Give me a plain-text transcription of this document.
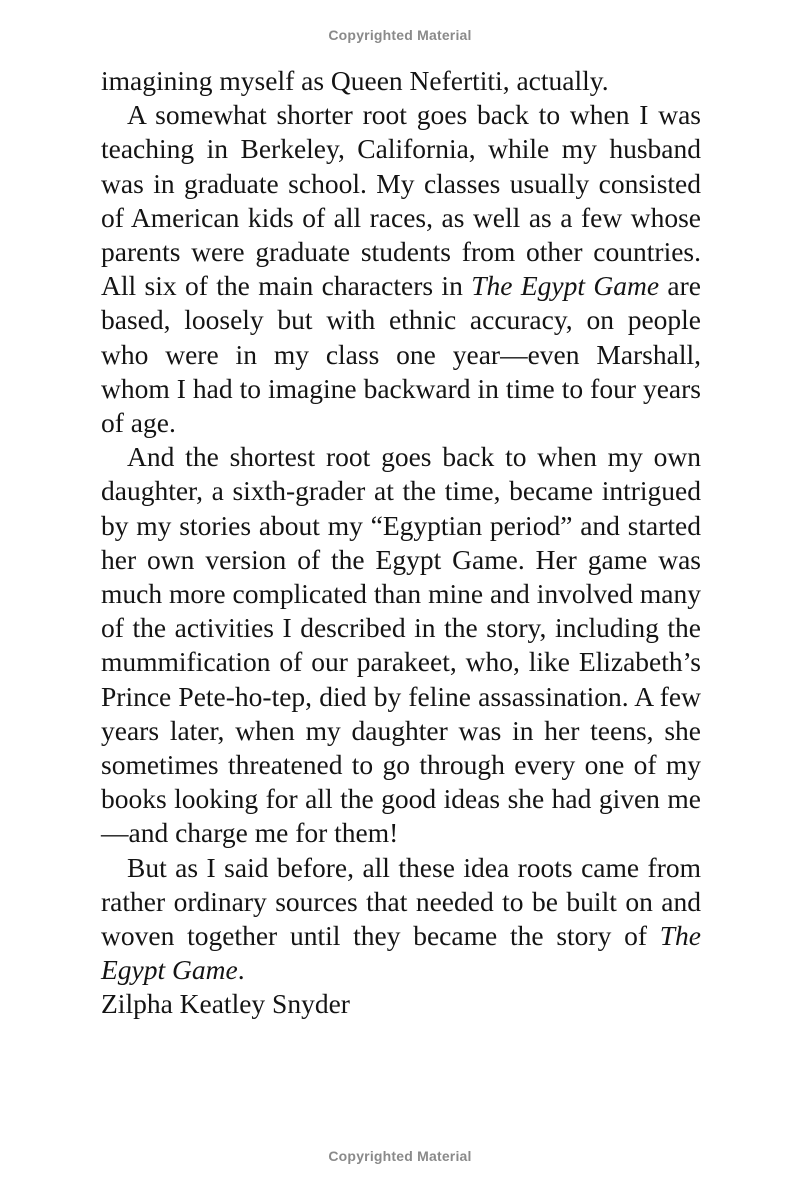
Copyrighted Material

imagining myself as Queen Nefertiti, actually.

A somewhat shorter root goes back to when I was teaching in Berkeley, California, while my husband was in graduate school. My classes usually consisted of American kids of all races, as well as a few whose parents were graduate students from other countries. All six of the main characters in The Egypt Game are based, loosely but with ethnic accuracy, on people who were in my class one year—even Marshall, whom I had to imagine backward in time to four years of age.

And the shortest root goes back to when my own daughter, a sixth-grader at the time, became intrigued by my stories about my “Egyptian period” and started her own version of the Egypt Game. Her game was much more complicated than mine and involved many of the activities I described in the story, including the mummification of our parakeet, who, like Elizabeth’s Prince Pete-ho-tep, died by feline assassination. A few years later, when my daughter was in her teens, she sometimes threatened to go through every one of my books looking for all the good ideas she had given me—and charge me for them!

But as I said before, all these idea roots came from rather ordinary sources that needed to be built on and woven together until they became the story of The Egypt Game.

Zilpha Keatley Snyder

Copyrighted Material
